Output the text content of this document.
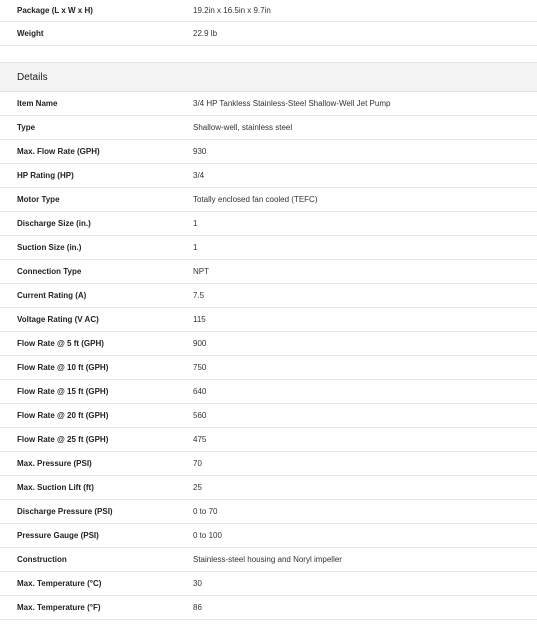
Package (L x W x H)	19.2in x 16.5in x 9.7in
Weight	22.9 lb
Details
Item Name	3/4 HP Tankless Stainless-Steel Shallow-Well Jet Pump
Type	Shallow-well, stainless steel
Max. Flow Rate (GPH)	930
HP Rating (HP)	3/4
Motor Type	Totally enclosed fan cooled (TEFC)
Discharge Size (in.)	1
Suction Size (in.)	1
Connection Type	NPT
Current Rating (A)	7.5
Voltage Rating (V AC)	115
Flow Rate @ 5 ft (GPH)	900
Flow Rate @ 10 ft (GPH)	750
Flow Rate @ 15 ft (GPH)	640
Flow Rate @ 20 ft (GPH)	560
Flow Rate @ 25 ft (GPH)	475
Max. Pressure (PSI)	70
Max. Suction Lift (ft)	25
Discharge Pressure (PSI)	0 to 70
Pressure Gauge (PSI)	0 to 100
Construction	Stainless-steel housing and Noryl impeller
Max. Temperature (°C)	30
Max. Temperature (°F)	86
